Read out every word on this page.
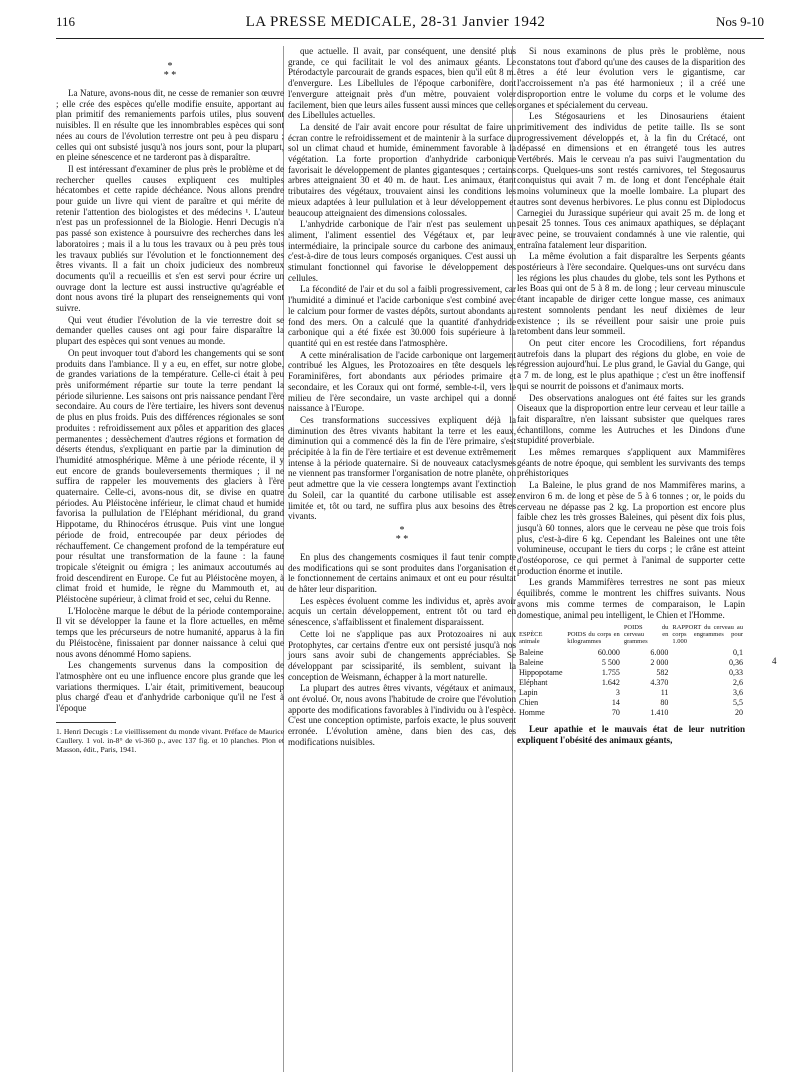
116	LA PRESSE MEDICALE, 28-31 Janvier 1942	Nos 9-10
*
* *

La Nature, avons-nous dit, ne cesse de remanier son œuvre ; elle crée des espèces qu'elle modifie ensuite, apportant au plan primitif des remaniements parfois utiles, plus souvent nuisibles. Il en résulte que les innombrables espèces qui sont nées au cours de l'évolution terrestre ont peu à peu disparu ; celles qui ont subsisté jusqu'à nos jours sont, pour la plupart, en pleine sénescence et ne tarderont pas à disparaître.

Il est intéressant d'examiner de plus près le problème et de rechercher quelles causes expliquent ces multiples hécatombes et cette rapide déchéance. Nous allons prendre pour guide un livre qui vient de paraître et qui mérite de retenir l'attention des biologistes et des médecins ¹. L'auteur n'est pas un professionnel de la Biologie. Henri Decugis n'a pas passé son existence à poursuivre des recherches dans les laboratoires ; mais il a lu tous les travaux ou à peu près tous les travaux publiés sur l'évolution et le fonctionnement des êtres vivants. Il a fait un choix judicieux des nombreux documents qu'il a recueillis et s'en est servi pour écrire un ouvrage dont la lecture est aussi instructive qu'agréable et dont nous avons tiré la plupart des renseignements qui vont suivre.

Qui veut étudier l'évolution de la vie terrestre doit se demander quelles causes ont agi pour faire disparaître la plupart des espèces qui sont venues au monde.

On peut invoquer tout d'abord les changements qui se sont produits dans l'ambiance. Il y a eu, en effet, sur notre globe, de grandes variations de la température. Celle-ci était à peu près uniformément répartie sur toute la terre pendant la période silurienne. Les saisons ont pris naissance pendant l'ère secondaire. Au cours de l'ère tertiaire, les hivers sont devenus de plus en plus froids. Puis des différences régionales se sont produites : refroidissement aux pôles et apparition des glaces permanentes ; dessèchement d'autres régions et formation de déserts étendus, s'expliquant en partie par la diminution de l'humidité atmosphérique. Même à une période récente, il y eut encore de grands bouleversements thermiques ; il ne suffira de rappeler les mouvements des glaciers à l'ère quaternaire. Celle-ci, avons-nous dit, se divise en quatre périodes. Au Pléistocène inférieur, le climat chaud et humide favorisa la pullulation de l'Eléphant méridional, du grand Hippotame, du Rhinocéros étrusque. Puis vint une longue période de froid, entrecoupée par deux périodes de réchauffement. Ce changement profond de la température eut pour résultat une transformation de la faune : la faune tropicale s'éteignit ou émigra ; les animaux accoutumés au froid descendirent en Europe. Ce fut au Pléistocène moyen, à climat froid et humide, le règne du Mammouth et, au Pléistocène supérieur, à climat froid et sec, celui du Renne.

L'Holocène marque le début de la période contemporaine. Il vit se développer la faune et la flore actuelles, en même temps que les précurseurs de notre humanité, apparus à la fin du Pléistocène, finissaient par donner naissance à celui que nous avons dénommé Homo sapiens.

Les changements survenus dans la composition de l'atmosphère ont eu une influence encore plus grande que les variations thermiques. L'air était, primitivement, beaucoup plus chargé d'eau et d'anhydride carbonique qu'il ne l'est à l'époque

1. Henri Decugis : Le vieillissement du monde vivant. Préface de Maurice Caullery. 1 vol. in-8° de vi-360 p., avec 137 fig. et 10 planches. Plon et Masson, édit., Paris, 1941.

que actuelle. Il avait, par conséquent, une densité plus grande, ce qui facilitait le vol des animaux géants. Le Ptérodactyle parcourait de grands espaces, bien qu'il eût 8 m. d'envergure. Les Libellules de l'époque carbonifère, dont l'envergure atteignait près d'un mètre, pouvaient voler facilement, bien que leurs ailes fussent aussi minces que celles des Libellules actuelles.

La densité de l'air avait encore pour résultat de faire un écran contre le refroidissement et de maintenir à la surface du sol un climat chaud et humide, éminemment favorable à la végétation. La forte proportion d'anhydride carbonique favorisait le développement de plantes gigantesques ; certains arbres atteignaient 30 et 40 m. de haut. Les animaux, étant tributaires des végétaux, trouvaient ainsi les conditions les mieux adaptées à leur pullulation et à leur développement et beaucoup atteignaient des dimensions colossales.

L'anhydride carbonique de l'air n'est pas seulement un aliment, l'aliment essentiel des Végétaux et, par leur intermédiaire, la principale source du carbone des animaux, c'est-à-dire de tous leurs composés organiques. C'est aussi un stimulant fonctionnel qui favorise le développement des cellules.

La fécondité de l'air et du sol a faibli progressivement, car l'humidité a diminué et l'acide carbonique s'est combiné avec le calcium pour former de vastes dépôts, surtout abondants au fond des mers. On a calculé que la quantité d'anhydride carbonique qui a été fixée est 30.000 fois supérieure à la quantité qui en est restée dans l'atmosphère.

A cette minéralisation de l'acide carbonique ont largement contribué les Algues, les Protozoaires en tête desquels les Foraminifères, fort abondants aux périodes primaire et secondaire, et les Coraux qui ont formé, semble-t-il, vers le milieu de l'ère secondaire, un vaste archipel qui a donné naissance à l'Europe.

Ces transformations successives expliquent déjà la diminution des êtres vivants habitant la terre et les eaux, diminution qui a commencé dès la fin de l'ère primaire, s'est précipitée à la fin de l'ère tertiaire et est devenue extrêmement intense à la période quaternaire. Si de nouveaux cataclysmes ne viennent pas transformer l'organisation de notre planète, on peut admettre que la vie cessera longtemps avant l'extinction du Soleil, car la quantité du carbone utilisable est assez limitée et, tôt ou tard, ne suffira plus aux besoins des êtres vivants.

*
* *

En plus des changements cosmiques il faut tenir compte des modifications qui se sont produites dans l'organisation et le fonctionnement de certains animaux et ont eu pour résultat de hâter leur disparition.

Les espèces évoluent comme les individus et, après avoir acquis un certain développement, entrent tôt ou tard en sénescence, s'affaiblissent et finalement disparaissent.

Cette loi ne s'applique pas aux Protozoaires ni aux Protophytes, car certains d'entre eux ont persisté jusqu'à nos jours sans avoir subi de changements appréciables. Se développant par scissiparité, ils semblent, suivant la conception de Weismann, échapper à la mort naturelle.

La plupart des autres êtres vivants, végétaux et animaux, ont évolué. Or, nous avons l'habitude de croire que l'évolution apporte des modifications favorables à l'individu ou à l'espèce. C'est une conception optimiste, parfois exacte, le plus souvent erronée. L'évolution amène, dans bien des cas, des modifications nuisibles.

Si nous examinons de plus près le problème, nous constatons tout d'abord qu'une des causes de la disparition des êtres a été leur évolution vers le gigantisme, car l'accroissement n'a pas été harmonieux ; il a créé une disproportion entre le volume du corps et le volume des organes et spécialement du cerveau.

Les Stégosauriens et les Dinosauriens étaient primitivement des individus de petite taille. Ils se sont progressivement développés et, à la fin du Crétacé, ont dépassé en dimensions et en étrangeté tous les autres Vertébrés. Mais le cerveau n'a pas suivi l'augmentation du corps. Quelques-uns sont restés carnivores, tel Stegosaurus conquistus qui avait 7 m. de long et dont l'encéphale était moins volumineux que la moelle lombaire. La plupart des autres sont devenus herbivores. Le plus connu est Diplodocus Carnegiei du Jurassique supérieur qui avait 25 m. de long et pesait 25 tonnes. Tous ces animaux apathiques, se déplaçant avec peine, se trouvaient condamnés à une vie ralentie, qui entraîna fatalement leur disparition.

La même évolution a fait disparaître les Serpents géants postérieurs à l'ère secondaire. Quelques-uns ont survécu dans les régions les plus chaudes du globe, tels sont les Pythons et les Boas qui ont de 5 à 8 m. de long ; leur cerveau minuscule étant incapable de diriger cette longue masse, ces animaux restent somnolents pendant les neuf dixièmes de leur existence ; ils se réveillent pour saisir une proie puis retombent dans leur sommeil.

On peut citer encore les Crocodiliens, fort répandus autrefois dans la plupart des régions du globe, en voie de régression aujourd'hui. Le plus grand, le Gavial du Gange, qui a 7 m. de long, est le plus apathique ; c'est un être inoffensif qui se nourrit de poissons et d'animaux morts.

Des observations analogues ont été faites sur les grands Oiseaux que la disproportion entre leur cerveau et leur taille a fait disparaître, n'en laissant subsister que quelques rares échantillons, comme les Autruches et les Dindons d'une stupidité proverbiale.

Les mêmes remarques s'appliquent aux Mammifères géants de notre époque, qui semblent les survivants des temps préhistoriques

La Baleine, le plus grand de nos Mammifères marins, a environ 6 m. de long et pèse de 5 à 6 tonnes ; or, le poids du cerveau ne dépasse pas 2 kg. La proportion est encore plus faible chez les très grosses Baleines, qui pèsent dix fois plus, jusqu'à 60 tonnes, alors que le cerveau ne pèse que trois fois plus, c'est-à-dire 6 kg. Cependant les Baleines ont une tête volumineuse, occupant le tiers du corps ; le crâne est atteint d'ostéoporose, ce qui permet à l'animal de supporter cette production énorme et inutile.

Les grands Mammifères terrestres ne sont pas mieux équilibrés, comme le montrent les chiffres suivants. Nous avons mis comme termes de comparaison, le Lapin domestique, animal peu intelligent, le Chien et l'Homme.

ESPÈCE animale	POIDS du corps en kilogrammes	POIDS du cerveau en grammes	RAPPORT du cerveau au corps engrammes pour 1.000
Baleine	60.000	6.000	0,1
Baleine	5 500	2 000	0,36
Hippopotame	1.755	582	0,33
Eléphant	1.642	4.370	2,6
Lapin	3	11	3,6
Chien	14	80	5,5
Homme	70	1.410	20

Leur apathie et le mauvais état de leur nutrition expliquent l'obésité des animaux géants,

4
